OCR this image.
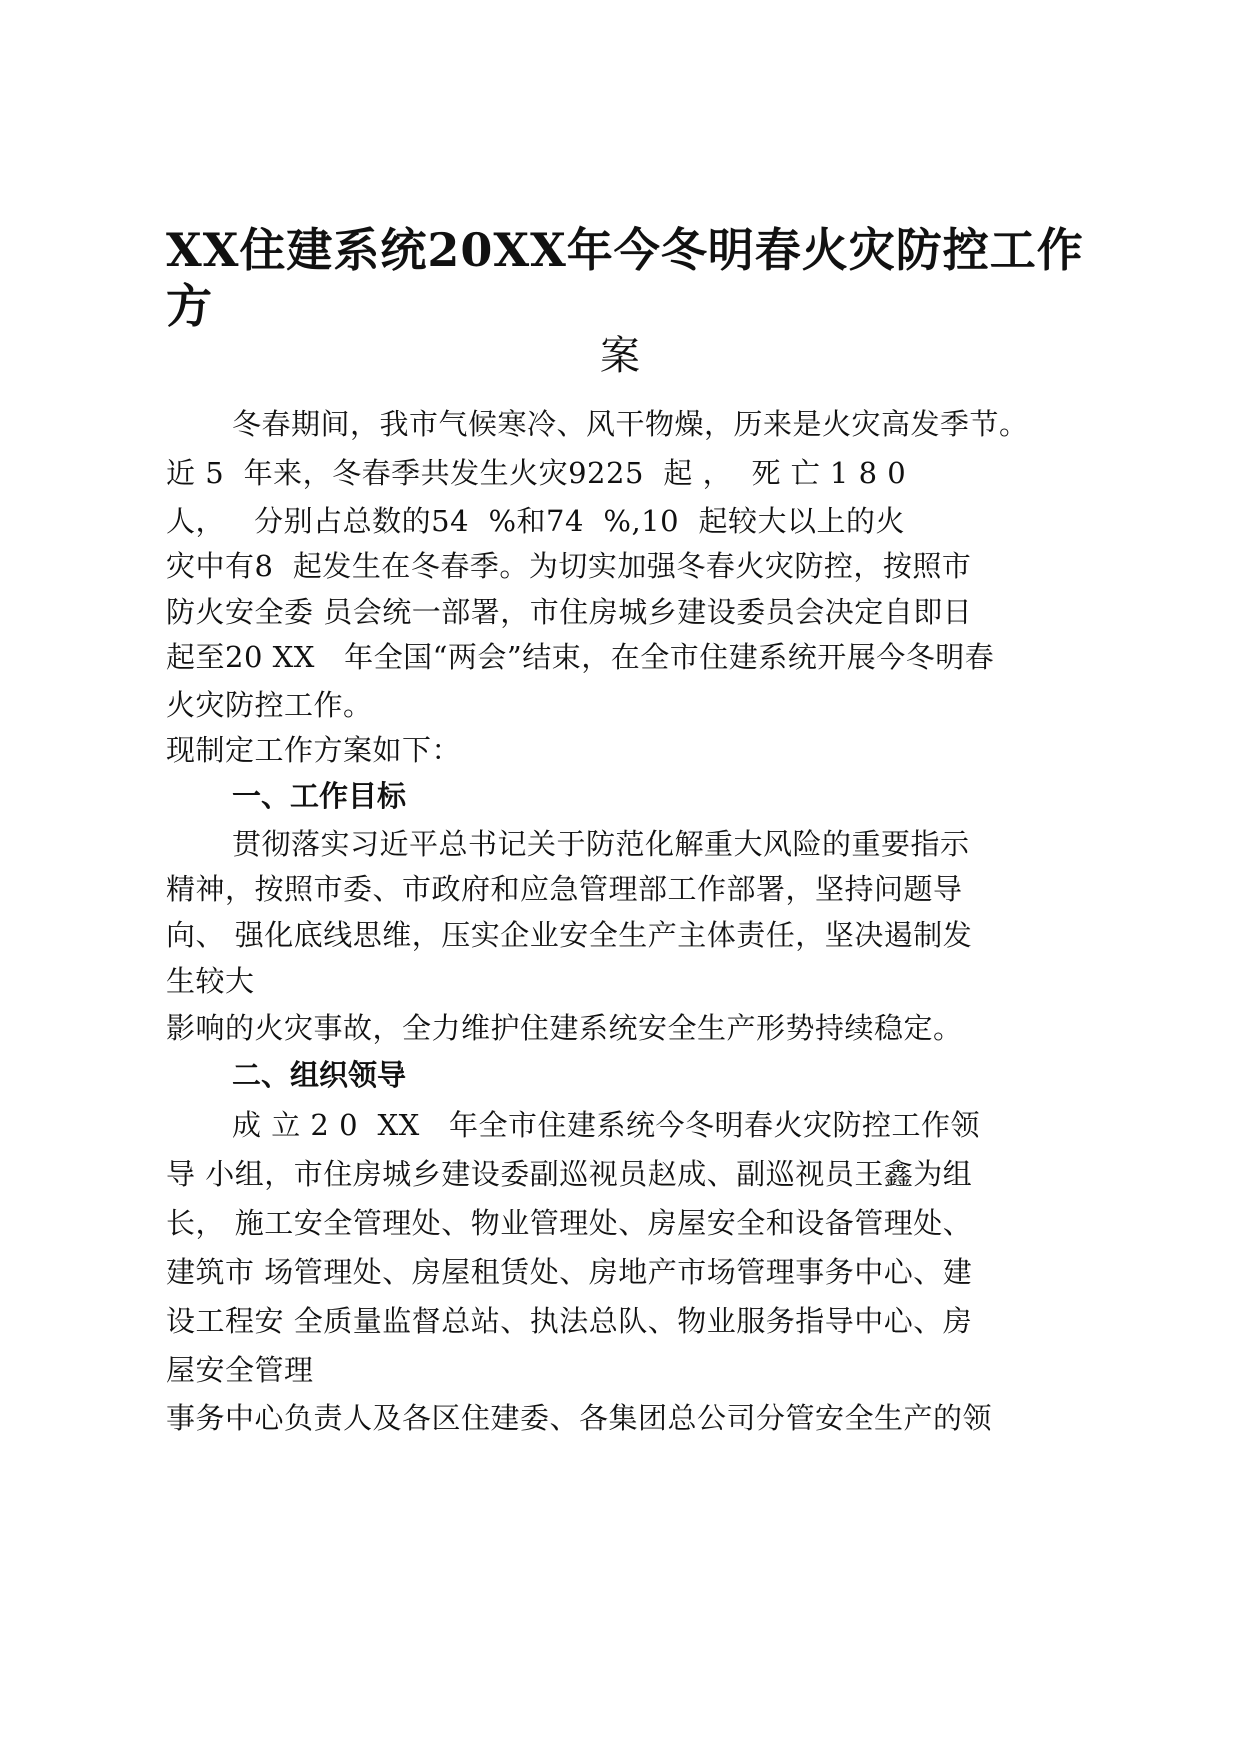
XX住建系统20XX年今冬明春火灾防控工作
方
案

冬春期间，我市气候寒冷、风干物燥，历来是火灾高发季节。

近 5  年来，冬春季共发生火灾9225  起 ，  死 亡 1 8 0

人，   分别占总数的54  %和74  %,10  起较大以上的火

灾中有8  起发生在冬春季。为切实加强冬春火灾防控，按照市

防火安全委 员会统一部署，市住房城乡建设委员会决定自即日

起至20 XX   年全国“两会”结束，在全市住建系统开展今冬明春

火灾防控工作。

现制定工作方案如下：

一、工作目标

贯彻落实习近平总书记关于防范化解重大风险的重要指示

精神，按照市委、市政府和应急管理部工作部署，坚持问题导

向、 强化底线思维，压实企业安全生产主体责任，坚决遏制发

生较大

影响的火灾事故，全力维护住建系统安全生产形势持续稳定。

二、组织领导

成 立 2 0  XX   年全市住建系统今冬明春火灾防控工作领

导 小组，市住房城乡建设委副巡视员赵成、副巡视员王鑫为组

长， 施工安全管理处、物业管理处、房屋安全和设备管理处、

建筑市 场管理处、房屋租赁处、房地产市场管理事务中心、建

设工程安 全质量监督总站、执法总队、物业服务指导中心、房

屋安全管理

事务中心负责人及各区住建委、各集团总公司分管安全生产的领
